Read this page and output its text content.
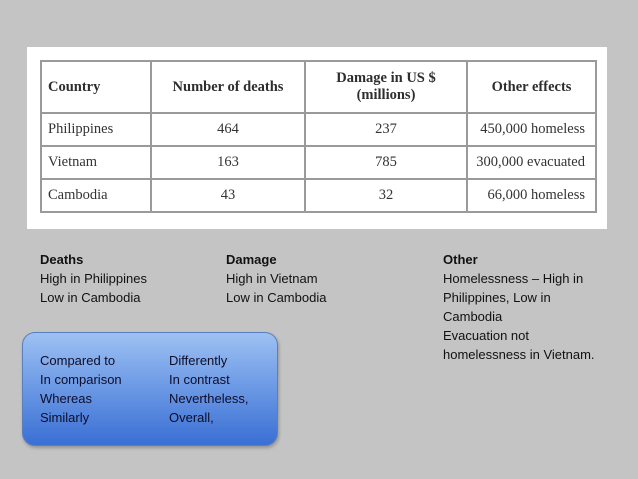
Country	Number of deaths	Damage in US $ (millions)	Other effects
Philippines	464	237	450,000 homeless
Vietnam	163	785	300,000 evacuated
Cambodia	43	32	66,000 homeless
Deaths
High in Philippines
Low in Cambodia
Damage
High in Vietnam
Low in Cambodia
Other
Homelessness – High in Philippines, Low in Cambodia
Evacuation not homelessness in Vietnam.
Compared to
In comparison
Whereas
Similarly
Differently
In contrast
Nevertheless,
Overall,
